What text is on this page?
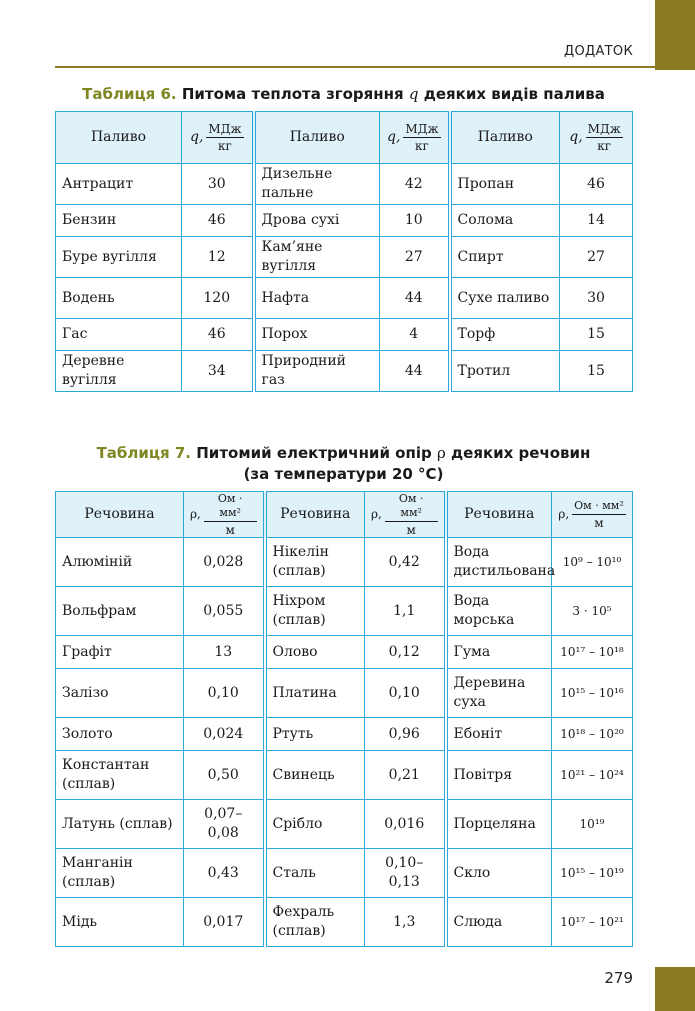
ДОДАТОК
Таблиця 6. Питома теплота згоряння q деяких видів палива
Паливо	q, $\frac{\text{МДж}}{кг}$	Паливо	q, $\frac{\text{МДж}}{кг}$	Паливо	q, $\frac{\text{МДж}}{кг}$

Антрацит	30	Дизельне пальне	42	Пропан	46
Бензин	46	Дрова сухі	10	Солома	14
Буре вугілля	12	Кам’яне вугілля	27	Спирт	27
Водень	120	Нафта	44	Сухе паливо	30
Гас	46	Порох	4	Торф	15
Деревне вугілля	34	Природний газ	44	Тротил	15
Таблиця 7. Питомий електричний опір ρ деяких речовин
(за температури 20 °C)
Речовина	ρ, $\frac{\text{Ом · мм²}}{м}$	Речовина	ρ, $\frac{\text{Ом · мм²}}{м}$	Речовина	ρ, $\frac{\text{Ом · мм²}}{м}$

Алюміній	0,028	Нікелін (сплав)	0,42	Вода дистильована	10⁹ – 10¹⁰
Вольфрам	0,055	Ніхром (сплав)	1,1	Вода морська	3 · 10⁵
Графіт	13	Олово	0,12	Гума	10¹⁷ – 10¹⁸
Залізо	0,10	Платина	0,10	Деревина суха	10¹⁵ – 10¹⁶
Золото	0,024	Ртуть	0,96	Ебоніт	10¹⁸ – 10²⁰
Константан (сплав)	0,50	Свинець	0,21	Повітря	10²¹ – 10²⁴
Латунь (сплав)	0,07–0,08	Срібло	0,016	Порцеляна	10¹⁹
Манганін (сплав)	0,43	Сталь	0,10–0,13	Скло	10¹⁵ – 10¹⁹
Мідь	0,017	Фехраль (сплав)	1,3	Слюда	10¹⁷ – 10²¹
279
